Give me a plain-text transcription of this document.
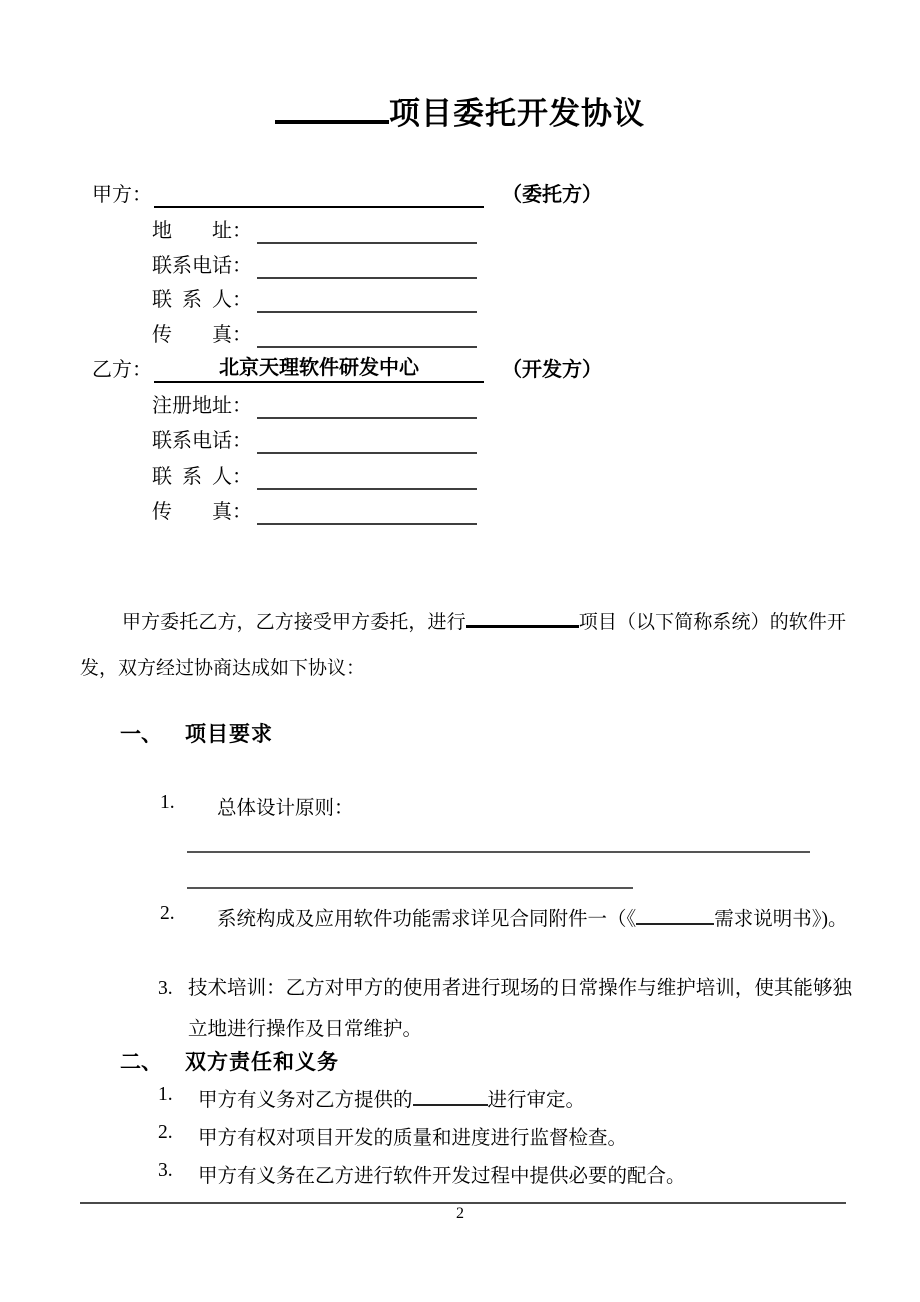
项目委托开发协议
甲方：	（委托方）
地　　址：
联系电话：
联 系 人：
传　　真：
乙方：	北京天理软件研发中心	（开发方）
注册地址：
联系电话：
联 系 人：
传　　真：

甲方委托乙方，乙方接受甲方委托，进行	项目（以下简称系统）的软件开发，双方经过协商达成如下协议：

一、	项目要求
1.	总体设计原则：
2.	系统构成及应用软件功能需求详见合同附件一（《	需求说明书》)。
3. 技术培训：乙方对甲方的使用者进行现场的日常操作与维护培训，使其能够独立地进行操作及日常维护。
二、	双方责任和义务
1.	甲方有义务对乙方提供的	进行审定。
2.	甲方有权对项目开发的质量和进度进行监督检查。
3.	甲方有义务在乙方进行软件开发过程中提供必要的配合。
2
